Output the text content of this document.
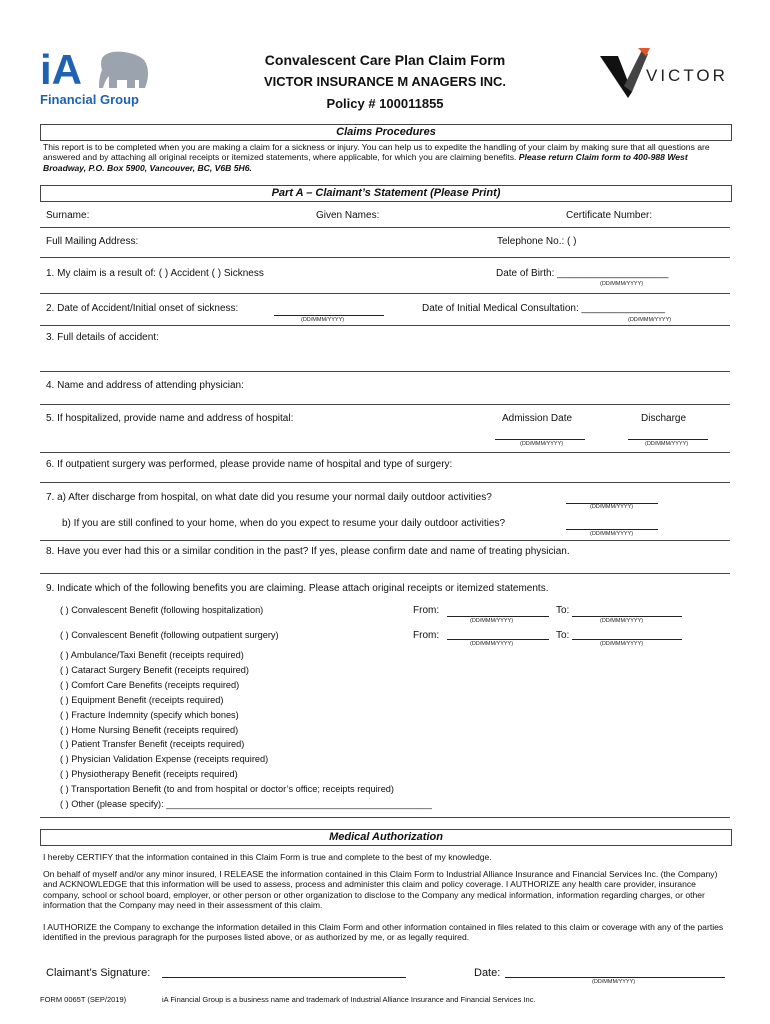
iA
Financial Group
Convalescent Care Plan Claim Form
VICTOR INSURANCE M ANAGERS INC.
Policy # 100011855
VICTOR
Claims Procedures
This report is to be completed when you are making a claim for a sickness or injury. You can help us to expedite the handling of your claim by making sure that all questions are answered and by attaching all original receipts or itemized statements, where applicable, for which you are claiming benefits. Please return Claim form to 400-988 West Broadway, P.O. Box 5900, Vancouver, BC, V6B 5H6.
Part A – Claimant’s Statement (Please Print)
Surname:	Given Names:	Certificate Number:
Full Mailing Address:	Telephone No.: ( )
1. My claim is a result of: ( ) Accident ( ) Sickness	Date of Birth: ____________________
(DD/MMM/YYYY)
2. Date of Accident/Initial onset of sickness:
(DD/MMM/YYYY)
Date of Initial Medical Consultation: _______________
(DD/MMM/YYYY)
3. Full details of accident:
4. Name and address of attending physician:
5. If hospitalized, provide name and address of hospital:	Admission Date	Discharge
(DD/MMM/YYYY)	(DD/MMM/YYYY)
6. If outpatient surgery was performed, please provide name of hospital and type of surgery:
7. a) After discharge from hospital, on what date did you resume your normal daily outdoor activities?
(DD/MMM/YYYY)
b) If you are still confined to your home, when do you expect to resume your daily outdoor activities?
(DD/MMM/YYYY)
8. Have you ever had this or a similar condition in the past? If yes, please confirm date and name of treating physician.
9. Indicate which of the following benefits you are claiming. Please attach original receipts or itemized statements.
( ) Convalescent Benefit (following hospitalization)	From:	To:
(DD/MMM/YYYY)	(DD/MMM/YYYY)
( ) Convalescent Benefit (following outpatient surgery)	From:	To:
(DD/MMM/YYYY)	(DD/MMM/YYYY)
( ) Ambulance/Taxi Benefit (receipts required)
( ) Cataract Surgery Benefit (receipts required)
( ) Comfort Care Benefits (receipts required)
( ) Equipment Benefit (receipts required)
( ) Fracture Indemnity (specify which bones)
( ) Home Nursing Benefit (receipts required)
( ) Patient Transfer Benefit (receipts required)
( ) Physician Validation Expense (receipts required)
( ) Physiotherapy Benefit (receipts required)
( ) Transportation Benefit (to and from hospital or doctor’s office; receipts required)
( ) Other (please specify): ____________________________________________________
Medical Authorization
I hereby CERTIFY that the information contained in this Claim Form is true and complete to the best of my knowledge.
On behalf of myself and/or any minor insured, I RELEASE the information contained in this Claim Form to Industrial Alliance Insurance and Financial Services Inc. (the Company) and ACKNOWLEDGE that this information will be used to assess, process and administer this claim and policy coverage. I AUTHORIZE any health care provider, insurance company, school or school board, employer, or other person or other organization to disclose to the Company any medical information, information regarding charges, or other information that the Company may need in their assessment of this claim.
I AUTHORIZE the Company to exchange the information detailed in this Claim Form and other information contained in files related to this claim or coverage with any of the parties identified in the previous paragraph for the purposes listed above, or as authorized by me, or as legally required.
Claimant’s Signature:	Date:
(DD/MMM/YYYY)
FORM 0065T (SEP/2019)	iA Financial Group is a business name and trademark of Industrial Alliance Insurance and Financial Services Inc.
